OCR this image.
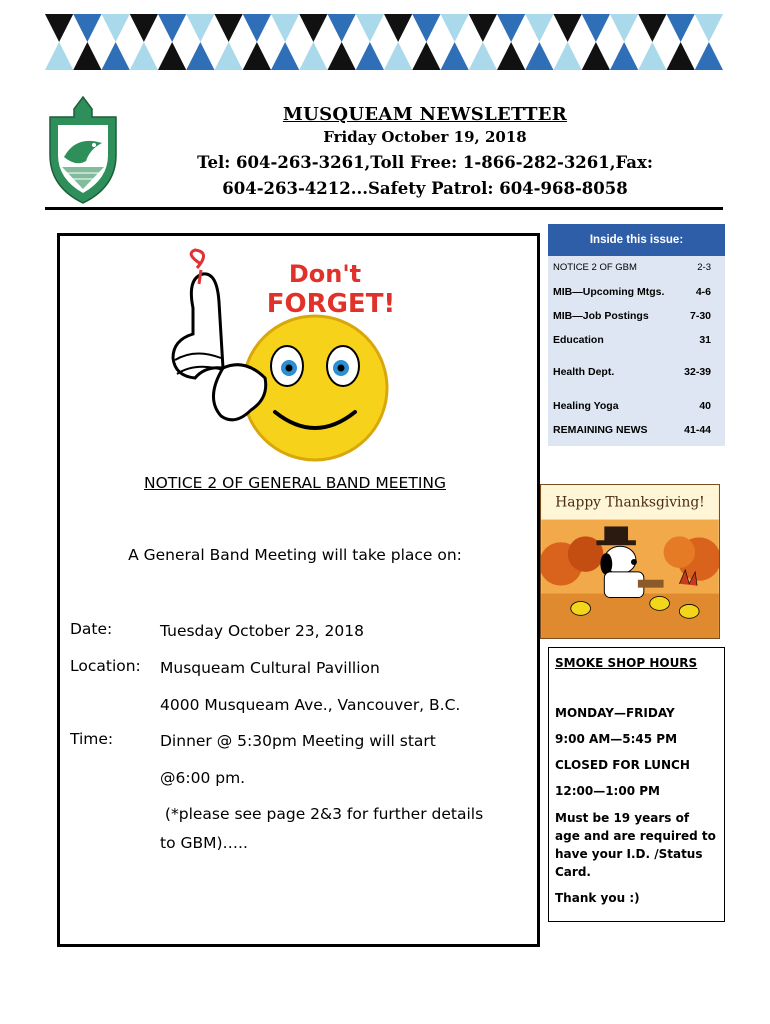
MUSQUEAM NEWSLETTER
Friday October 19, 2018
Tel: 604-263-3261,Toll Free: 1-866-282-3261,Fax:
604-263-4212...Safety Patrol: 604-968-8058
Don't
FORGET!
NOTICE 2 OF GENERAL BAND MEETING
A General Band Meeting will take place on:
Date:	Tuesday October 23, 2018
Location: Musqueam Cultural Pavillion
4000 Musqueam Ave., Vancouver, B.C.
Time:	Dinner @ 5:30pm Meeting will start
@6:00 pm.
(*please see page 2&3 for further details
to GBM)…..
Inside this issue:
NOTICE 2 OF GBM	2-3
MIB—Upcoming Mtgs.	4-6
MIB—Job Postings	7-30
Education	31
Health Dept.	32-39
Healing Yoga	40
REMAINING NEWS	41-44
Happy Thanksgiving!
SMOKE SHOP HOURS

MONDAY—FRIDAY

9:00 AM—5:45 PM

CLOSED FOR LUNCH

12:00—1:00 PM

Must be 19 years of age and are required to have your I.D. /Status Card.

Thank you :)
